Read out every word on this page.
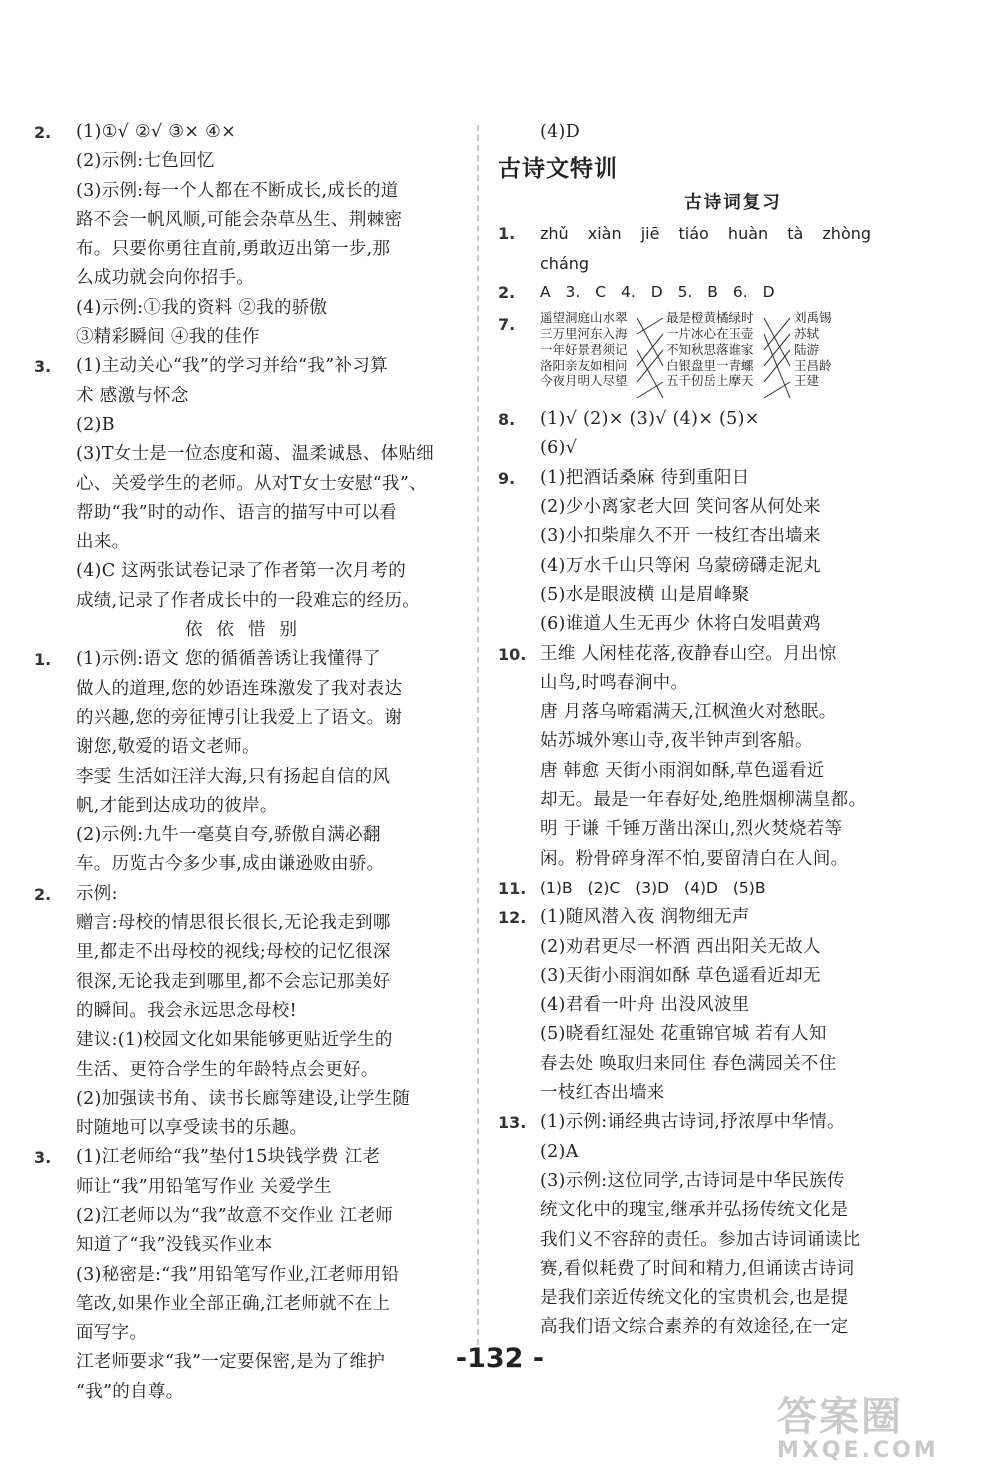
2. (1)①√ ②√ ③× ④×
(2)示例:七色回忆
(3)示例:每一个人都在不断成长,成长的道
路不会一帆风顺,可能会杂草丛生、荆棘密
布。只要你勇往直前,勇敢迈出第一步,那
么成功就会向你招手。
(4)示例:①我的资料 ②我的骄傲
③精彩瞬间 ④我的佳作
3. (1)主动关心“我”的学习并给“我”补习算
术 感激与怀念
(2)B
(3)T女士是一位态度和蔼、温柔诚恳、体贴细
心、关爱学生的老师。从对T女士安慰“我”、
帮助“我”时的动作、语言的描写中可以看
出来。
(4)C 这两张试卷记录了作者第一次月考的
成绩,记录了作者成长中的一段难忘的经历。
依依惜别
1. (1)示例:语文 您的循循善诱让我懂得了
做人的道理,您的妙语连珠激发了我对表达
的兴趣,您的旁征博引让我爱上了语文。谢
谢您,敬爱的语文老师。
李雯 生活如汪洋大海,只有扬起自信的风
帆,才能到达成功的彼岸。
(2)示例:九牛一毫莫自夸,骄傲自满必翻
车。历览古今多少事,成由谦逊败由骄。
2. 示例:
赠言:母校的情思很长很长,无论我走到哪
里,都走不出母校的视线;母校的记忆很深
很深,无论我走到哪里,都不会忘记那美好
的瞬间。我会永远思念母校!
建议:(1)校园文化如果能够更贴近学生的
生活、更符合学生的年龄特点会更好。
(2)加强读书角、读书长廊等建设,让学生随
时随地可以享受读书的乐趣。
3. (1)江老师给“我”垫付15块钱学费 江老
师让“我”用铅笔写作业 关爱学生
(2)江老师以为“我”故意不交作业 江老师
知道了“我”没钱买作业本
(3)秘密是:“我”用铅笔写作业,江老师用铅
笔改,如果作业全部正确,江老师就不在上
面写字。
江老师要求“我”一定要保密,是为了维护
“我”的自尊。
(4)D
古诗文特训
古诗词复习
1. zhǔ xiàn jiē tiáo huàn tà zhòng
cháng
2. A 3. C 4. D 5. B 6. D
7. 遥望洞庭山水翠
三万里河东入海
一年好景君须记
洛阳亲友如相问
今夜月明人尽望
最是橙黄橘绿时
一片冰心在玉壶
不知秋思落谁家
白银盘里一青螺
五千仞岳上摩天
刘禹锡
苏轼
陆游
王昌龄
王建
8. (1)√ (2)× (3)√ (4)× (5)×
(6)√
9. (1)把酒话桑麻 待到重阳日
(2)少小离家老大回 笑问客从何处来
(3)小扣柴扉久不开 一枝红杏出墙来
(4)万水千山只等闲 乌蒙磅礴走泥丸
(5)水是眼波横 山是眉峰聚
(6)谁道人生无再少 休将白发唱黄鸡
10. 王维 人闲桂花落,夜静春山空。月出惊
山鸟,时鸣春涧中。
唐 月落乌啼霜满天,江枫渔火对愁眠。
姑苏城外寒山寺,夜半钟声到客船。
唐 韩愈 天街小雨润如酥,草色遥看近
却无。最是一年春好处,绝胜烟柳满皇都。
明 于谦 千锤万凿出深山,烈火焚烧若等
闲。粉骨碎身浑不怕,要留清白在人间。
11. (1)B (2)C (3)D (4)D (5)B
12. (1)随风潜入夜 润物细无声
(2)劝君更尽一杯酒 西出阳关无故人
(3)天街小雨润如酥 草色遥看近却无
(4)君看一叶舟 出没风波里
(5)晓看红湿处 花重锦官城 若有人知
春去处 唤取归来同住 春色满园关不住
一枝红杏出墙来
13. (1)示例:诵经典古诗词,抒浓厚中华情。
(2)A
(3)示例:这位同学,古诗词是中华民族传
统文化中的瑰宝,继承并弘扬传统文化是
我们义不容辞的责任。参加古诗词诵读比
赛,看似耗费了时间和精力,但诵读古诗词
是我们亲近传统文化的宝贵机会,也是提
高我们语文综合素养的有效途径,在一定
-132 -
答案圈
MXQE.COM
